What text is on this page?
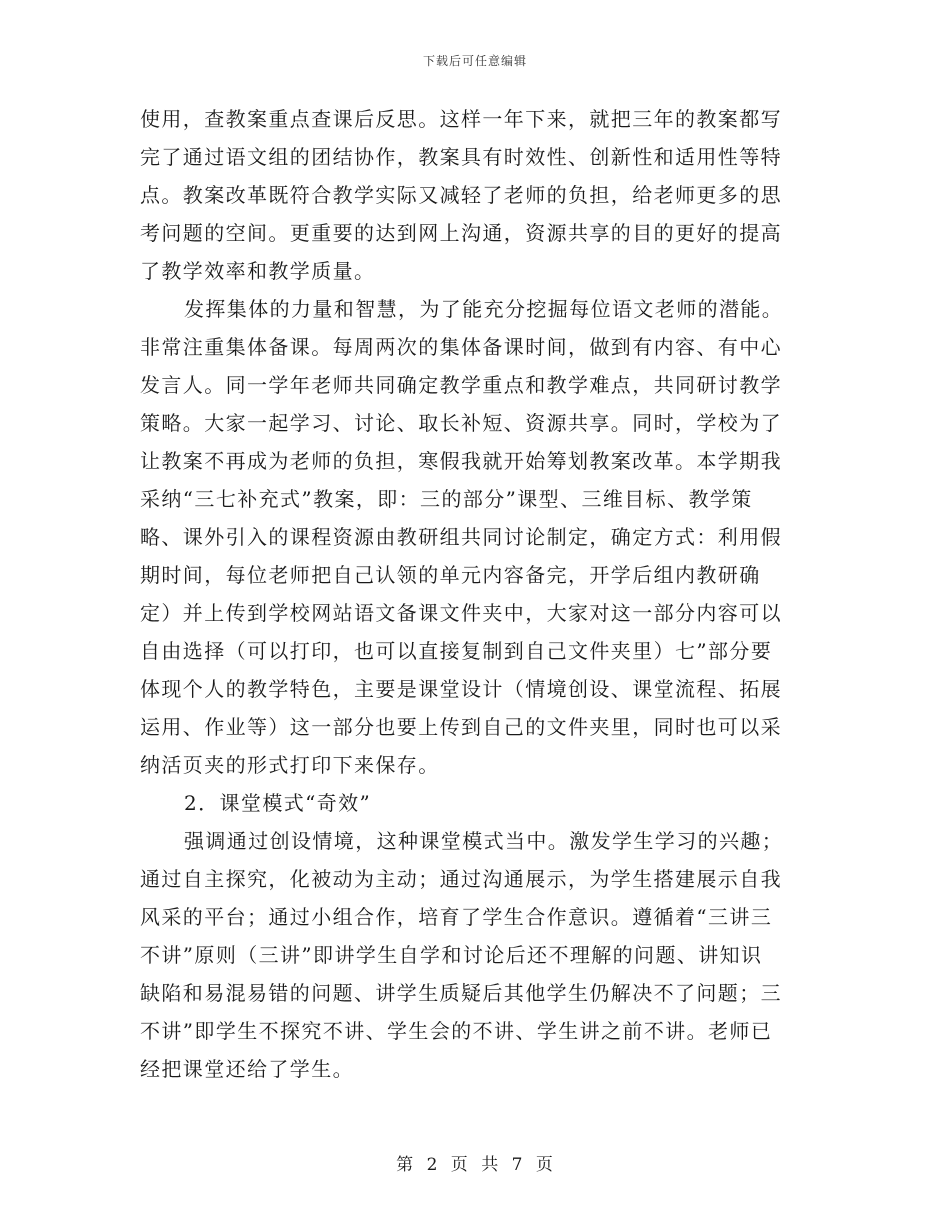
下载后可任意编辑
使用，查教案重点查课后反思。这样一年下来，就把三年的教案都写
完了通过语文组的团结协作，教案具有时效性、创新性和适用性等特
点。教案改革既符合教学实际又减轻了老师的负担，给老师更多的思
考问题的空间。更重要的达到网上沟通，资源共享的目的更好的提高
了教学效率和教学质量。
发挥集体的力量和智慧，为了能充分挖掘每位语文老师的潜能。
非常注重集体备课。每周两次的集体备课时间，做到有内容、有中心
发言人。同一学年老师共同确定教学重点和教学难点，共同研讨教学
策略。大家一起学习、讨论、取长补短、资源共享。同时，学校为了
让教案不再成为老师的负担，寒假我就开始筹划教案改革。本学期我
采纳“三七补充式”教案，即：三的部分”课型、三维目标、教学策
略、课外引入的课程资源由教研组共同讨论制定，确定方式：利用假
期时间，每位老师把自己认领的单元内容备完，开学后组内教研确
定）并上传到学校网站语文备课文件夹中，大家对这一部分内容可以
自由选择（可以打印，也可以直接复制到自己文件夹里）七”部分要
体现个人的教学特色，主要是课堂设计（情境创设、课堂流程、拓展
运用、作业等）这一部分也要上传到自己的文件夹里，同时也可以采
纳活页夹的形式打印下来保存。
2．课堂模式“奇效”
强调通过创设情境，这种课堂模式当中。激发学生学习的兴趣；
通过自主探究，化被动为主动；通过沟通展示，为学生搭建展示自我
风采的平台；通过小组合作，培育了学生合作意识。遵循着“三讲三
不讲”原则（三讲”即讲学生自学和讨论后还不理解的问题、讲知识
缺陷和易混易错的问题、讲学生质疑后其他学生仍解决不了问题；三
不讲”即学生不探究不讲、学生会的不讲、学生讲之前不讲。老师已
经把课堂还给了学生。
第 2 页 共 7 页
